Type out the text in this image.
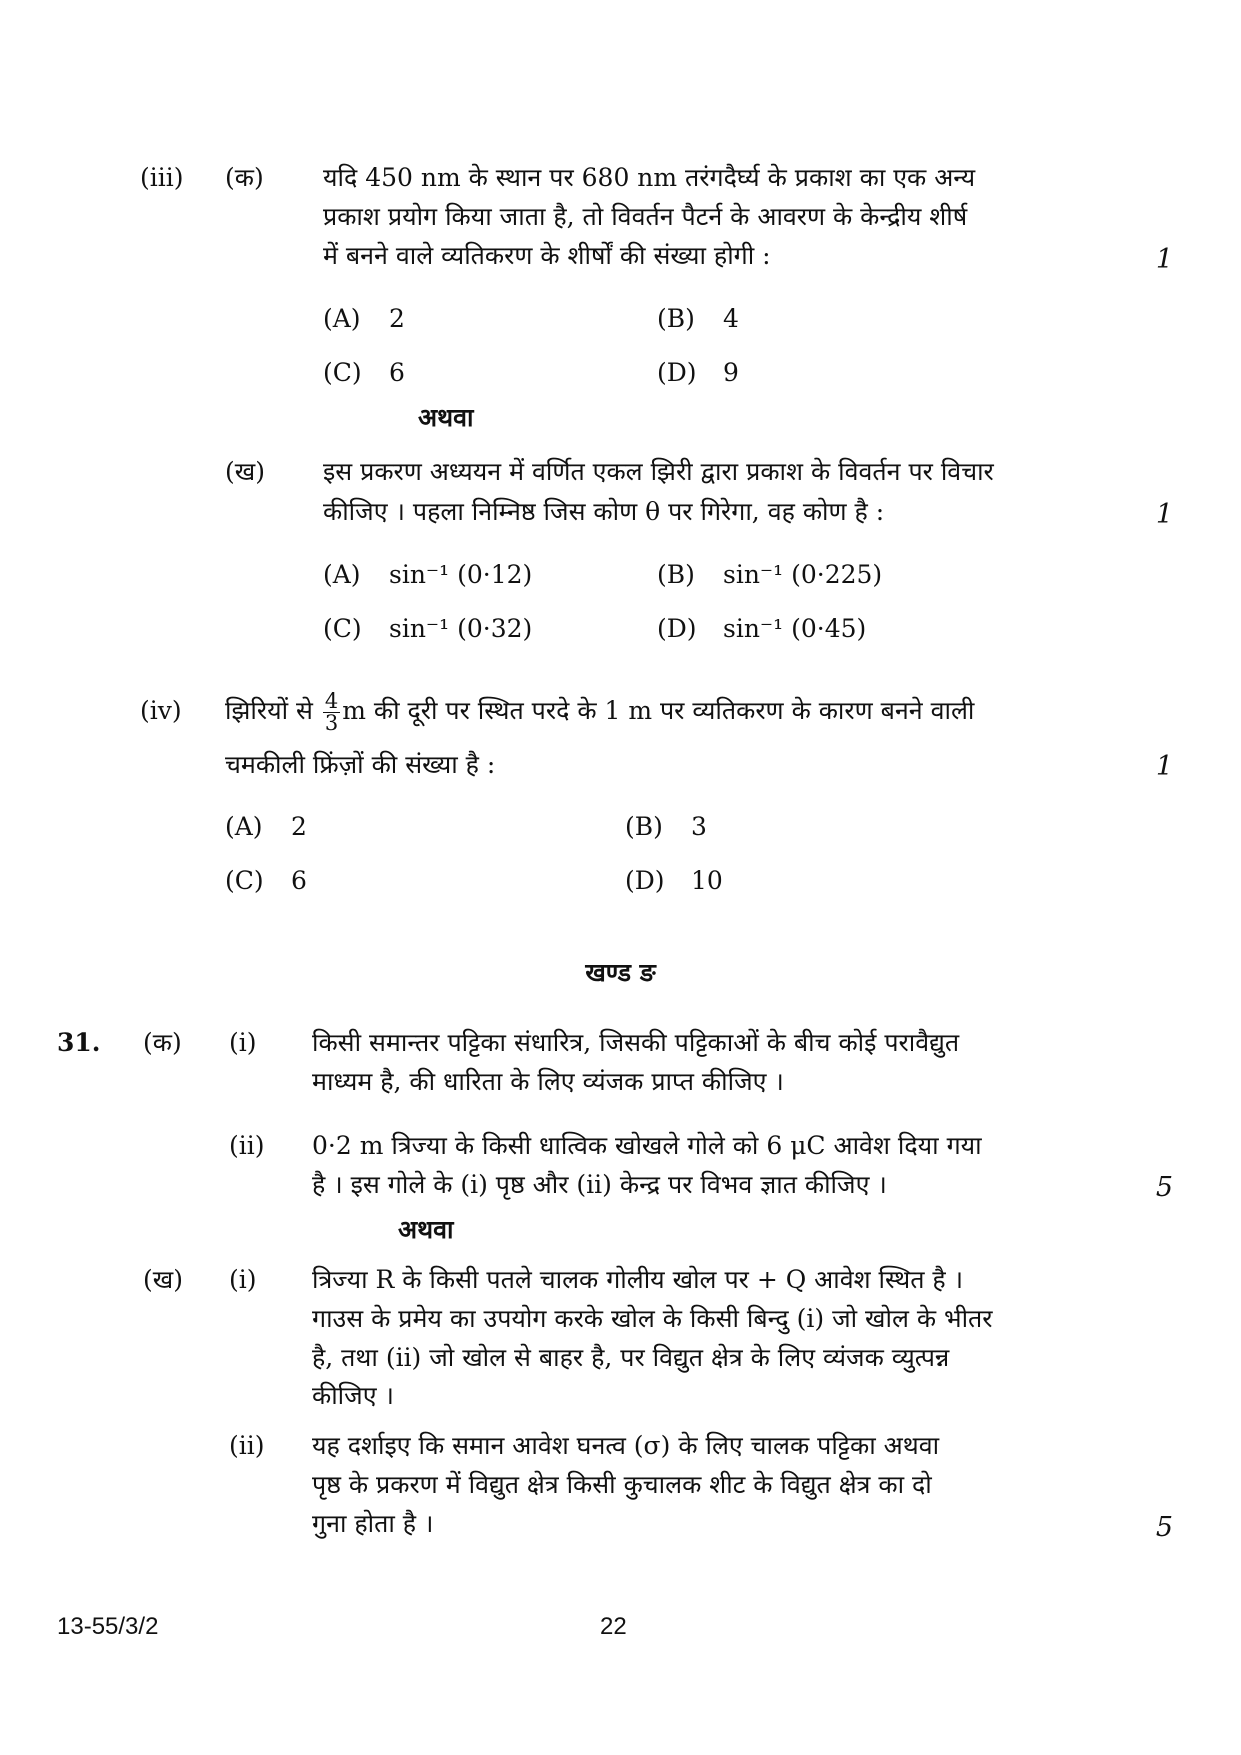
(iii) (क) यदि 450 nm के स्थान पर 680 nm तरंगदैर्घ्य के प्रकाश का एक अन्य
प्रकाश प्रयोग किया जाता है, तो विवर्तन पैटर्न के आवरण के केन्द्रीय शीर्ष
में बनने वाले व्यतिकरण के शीर्षों की संख्या होगी :	1
(A) 2	(B) 4
(C) 6	(D) 9
अथवा
(ख) इस प्रकरण अध्ययन में वर्णित एकल झिरी द्वारा प्रकाश के विवर्तन पर विचार
कीजिए । पहला निम्निष्ठ जिस कोण θ पर गिरेगा, वह कोण है :	1
(A) sin⁻¹ (0·12)	(B) sin⁻¹ (0·225)
(C) sin⁻¹ (0·32)	(D) sin⁻¹ (0·45)
(iv) झिरियों से $\frac{4}{3}$ m की दूरी पर स्थित परदे के 1 m पर व्यतिकरण के कारण बनने वाली
चमकीली फ्रिंज़ों की संख्या है :	1
(A) 2	(B) 3
(C) 6	(D) 10
खण्ड ङ
31. (क) (i) किसी समान्तर पट्टिका संधारित्र, जिसकी पट्टिकाओं के बीच कोई परावैद्युत
माध्यम है, की धारिता के लिए व्यंजक प्राप्त कीजिए ।
(ii) 0·2 m त्रिज्या के किसी धात्विक खोखले गोले को 6 μC आवेश दिया गया
है । इस गोले के (i) पृष्ठ और (ii) केन्द्र पर विभव ज्ञात कीजिए ।	5
अथवा
(ख) (i) त्रिज्या R के किसी पतले चालक गोलीय खोल पर + Q आवेश स्थित है ।
गाउस के प्रमेय का उपयोग करके खोल के किसी बिन्दु (i) जो खोल के भीतर
है, तथा (ii) जो खोल से बाहर है, पर विद्युत क्षेत्र के लिए व्यंजक व्युत्पन्न
कीजिए ।
(ii) यह दर्शाइए कि समान आवेश घनत्व (σ) के लिए चालक पट्टिका अथवा
पृष्ठ के प्रकरण में विद्युत क्षेत्र किसी कुचालक शीट के विद्युत क्षेत्र का दो
गुना होता है ।	5
13-55/3/2	22
